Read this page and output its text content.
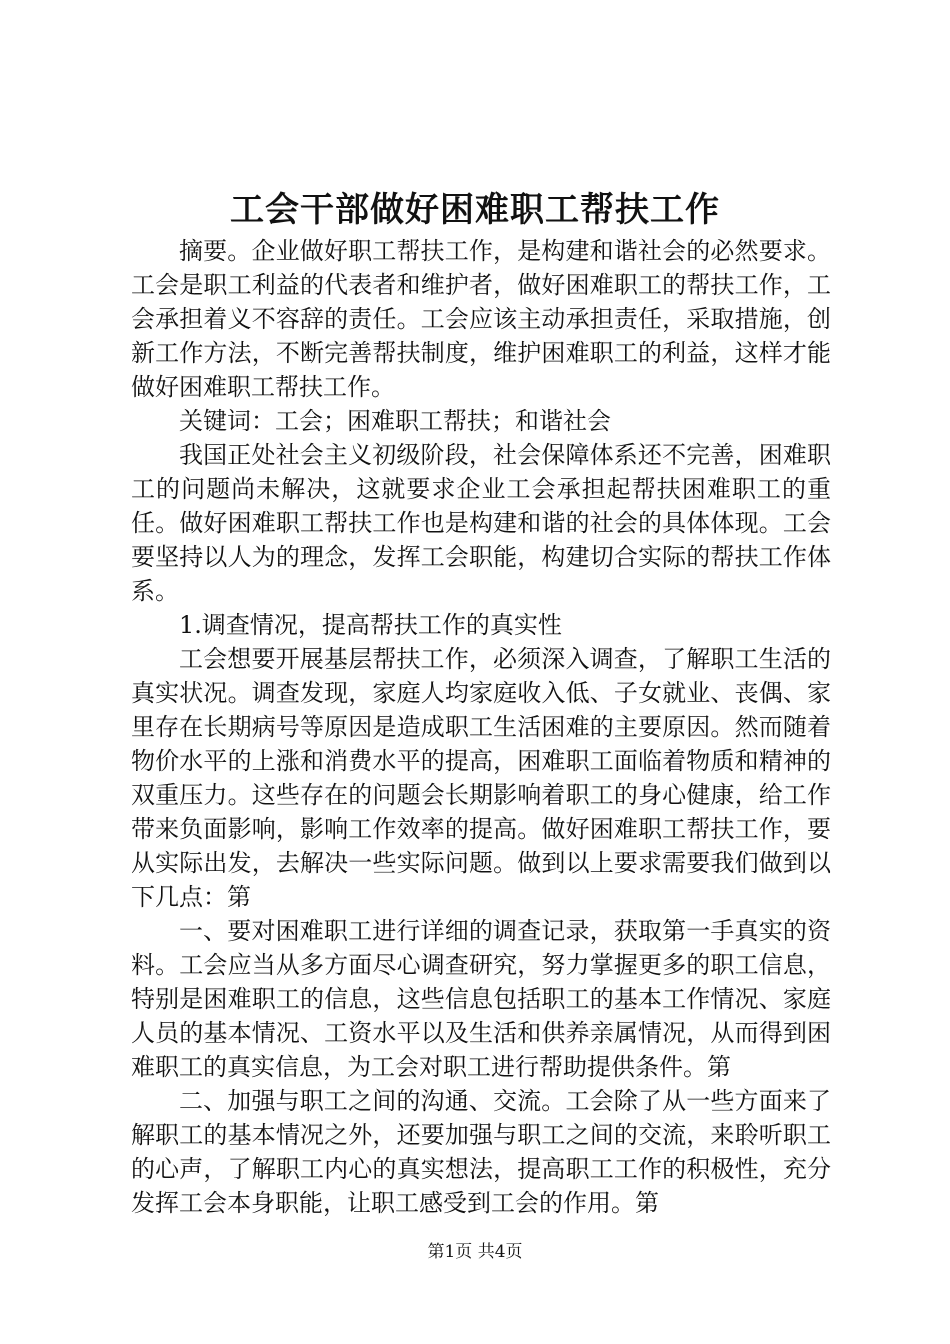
工会干部做好困难职工帮扶工作

摘要。企业做好职工帮扶工作，是构建和谐社会的必然要求。工会是职工利益的代表者和维护者，做好困难职工的帮扶工作，工会承担着义不容辞的责任。工会应该主动承担责任，采取措施，创新工作方法，不断完善帮扶制度，维护困难职工的利益，这样才能做好困难职工帮扶工作。

关键词：工会；困难职工帮扶；和谐社会

我国正处社会主义初级阶段，社会保障体系还不完善，困难职工的问题尚未解决，这就要求企业工会承担起帮扶困难职工的重任。做好困难职工帮扶工作也是构建和谐的社会的具体体现。工会要坚持以人为的理念，发挥工会职能，构建切合实际的帮扶工作体系。

1.调查情况，提高帮扶工作的真实性

工会想要开展基层帮扶工作，必须深入调查，了解职工生活的真实状况。调查发现，家庭人均家庭收入低、子女就业、丧偶、家里存在长期病号等原因是造成职工生活困难的主要原因。然而随着物价水平的上涨和消费水平的提高，困难职工面临着物质和精神的双重压力。这些存在的问题会长期影响着职工的身心健康，给工作带来负面影响，影响工作效率的提高。做好困难职工帮扶工作，要从实际出发，去解决一些实际问题。做到以上要求需要我们做到以下几点：第

一、要对困难职工进行详细的调查记录，获取第一手真实的资料。工会应当从多方面尽心调查研究，努力掌握更多的职工信息，特别是困难职工的信息，这些信息包括职工的基本工作情况、家庭人员的基本情况、工资水平以及生活和供养亲属情况，从而得到困难职工的真实信息，为工会对职工进行帮助提供条件。第

二、加强与职工之间的沟通、交流。工会除了从一些方面来了解职工的基本情况之外，还要加强与职工之间的交流，来聆听职工的心声，了解职工内心的真实想法，提高职工工作的积极性，充分发挥工会本身职能，让职工感受到工会的作用。第

第1页 共4页
